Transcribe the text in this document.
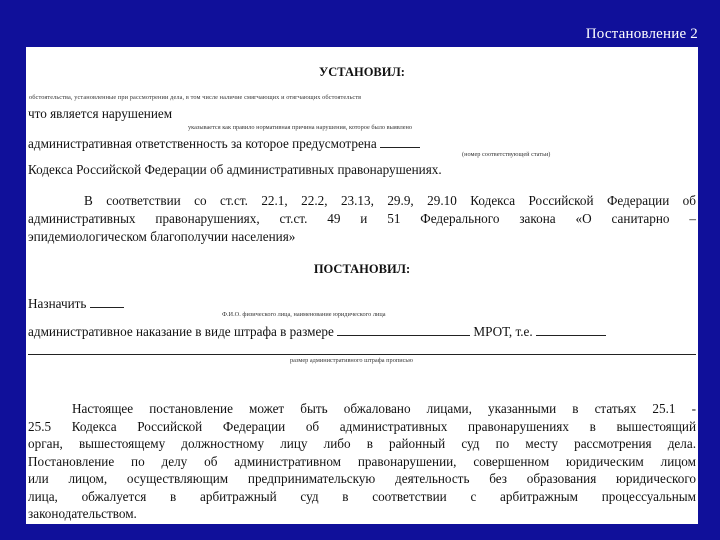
Постановление 2
УСТАНОВИЛ:
обстоятельства, установленные при рассмотрении дела, в том числе наличие смягчающих и отягчающих обстоятельств
что является нарушением
указывается как правило нормативная причина нарушения, которое было выявлено
административная ответственность за которое предусмотрена
(номер соответствующей статьи)
Кодекса Российской Федерации об административных правонарушениях.
В соответствии со ст.ст. 22.1, 22.2, 23.13, 29.9, 29.10 Кодекса Российской Федерации об
административных правонарушениях, ст.ст. 49 и 51 Федерального закона «О санитарно –
эпидемиологическом благополучии населения»
ПОСТАНОВИЛ:
Назначить
Ф.И.О. физического лица, наименование юридического лица
административное наказание в виде штрафа в размере	МРОТ, т.е.
размер административного штрафа прописью
Настоящее постановление может быть обжаловано лицами, указанными в статьях 25.1 -
25.5 Кодекса Российской Федерации об административных правонарушениях в вышестоящий
орган, вышестоящему должностному лицу либо в районный суд по месту рассмотрения дела.
Постановление по делу об административном правонарушении, совершенном юридическим лицом
или лицом, осуществляющим предпринимательскую деятельность без образования юридического
лица, обжалуется в арбитражный суд в соответствии с арбитражным процессуальным
законодательством.
